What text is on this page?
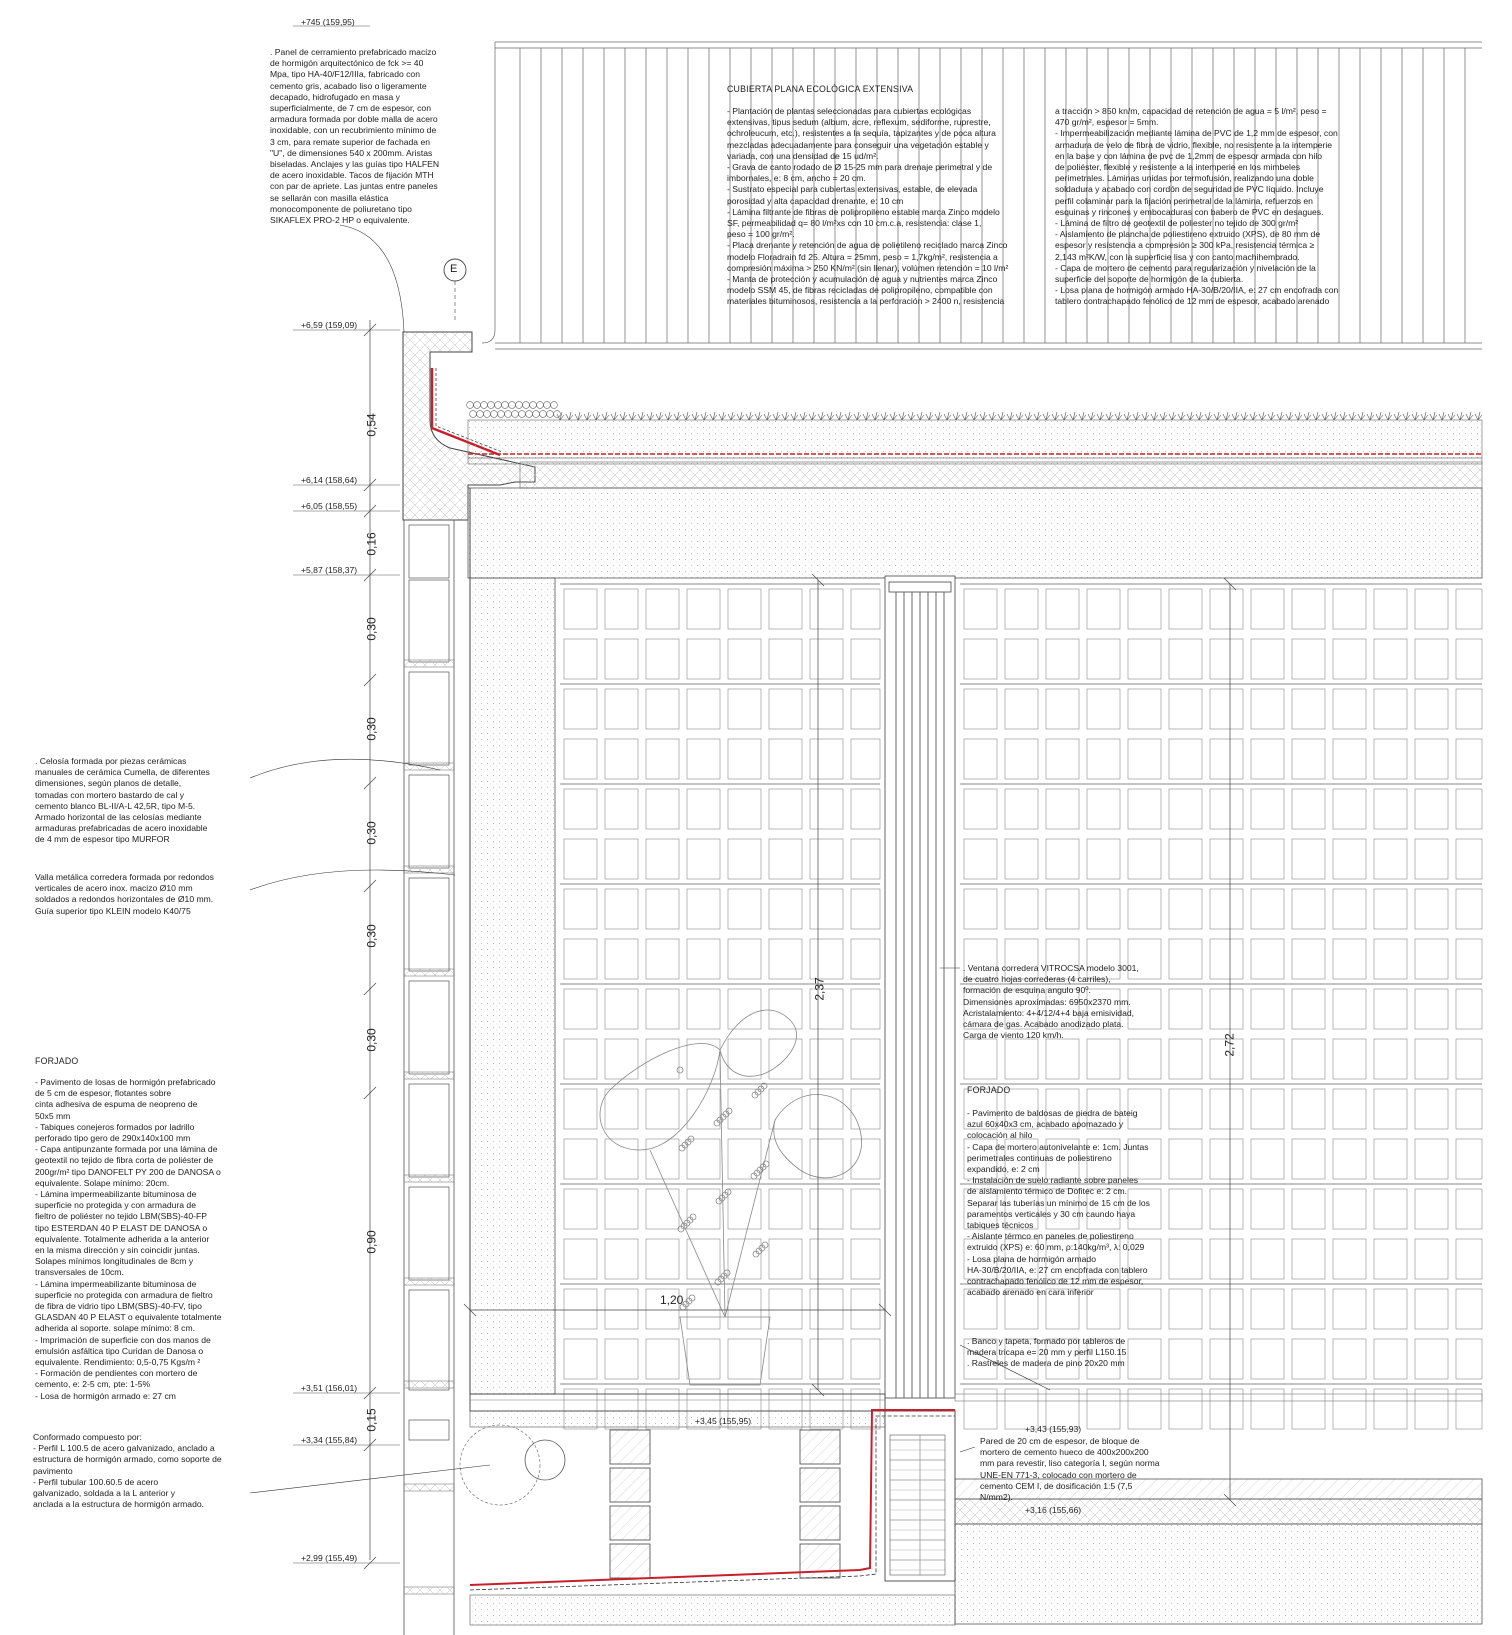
E
+745 (159,95)
+6,59 (159,09)
+6,14 (158,64)
+6,05 (158,55)
+5,87 (158,37)
+3,51 (156,01)
+3,34 (155,84)
+2,99 (155,49)
+3,45 (155,95)
+3,43 (155,93)
+3,16 (155,66)
0,54
0,16
0,30
0,30
0,30
0,30
0,30
0,90
0,15
2,37
2,72
1,20
. Panel de cerramiento prefabricado macizo
de hormigón arquitectónico de fck >= 40
Mpa, tipo HA-40/F12/IIIa, fabricado con
cemento gris, acabado liso o ligeramente
decapado, hidrofugado en masa y
superficialmente, de 7 cm de espesor, con
armadura formada por doble malla de acero
inoxidable, con un recubrimiento mínimo de
3 cm, para remate superior de fachada en
"U", de dimensiones 540 x 200mm. Aristas
biseladas. Anclajes y las guías tipo HALFEN
de acero inoxidable. Tacos de fijación MTH
con par de apriete. Las juntas entre paneles
se sellarán con masilla elástica
monocomponente de poliuretano tipo
SIKAFLEX PRO-2 HP o equivalente.
CUBIERTA PLANA ECOLÓGICA EXTENSIVA
- Plantación de plantas seleccionadas para cubiertas ecológicas
extensivas, tipus sedum (album, acre, reflexum, sediforme, ruprestre,
ochroleucum, etc.), resistentes a la sequía, tapizantes y de poca altura
mezcladas adecuadamente para conseguir una vegetación estable y
variada, con una densidad de 15 ud/m².
- Grava de canto rodado de Ø 15-25 mm para drenaje perimetral y de
imbornales, e: 8 cm, ancho = 20 cm.
- Sustrato especial para cubiertas extensivas, estable, de elevada
porosidad y alta capacidad drenante, e: 10 cm
- Lámina filtrante de fibras de polipropileno estable marca Zinco modelo
SF, permeabilidad q= 80 l/m²xs con 10 cm.c.a, resistencia: clase 1,
peso = 100 gr/m².
- Placa drenante y retención de agua de polietileno reciclado marca Zinco
modelo Floradrain fd 25. Altura = 25mm, peso = 1,7kg/m², resistencia a
compresión máxima > 250 KN/m² (sin llenar), volúmen retención = 10 l/m²
- Manta de protección y acumulación de agua y nutrientes marca Zinco
modelo SSM 45, de fibras recicladas de polipropileno, compatible con
materiales bituminosos, resistencia a la perforación > 2400 n, resistencia
a tracción > 850 kn/m, capacidad de retención de agua = 5 l/m², peso =
470 gr/m², espesor = 5mm.
- Impermeabilización mediante lámina de PVC de 1,2 mm de espesor, con
armadura de velo de fibra de vidrio, flexible, no resistente a la intemperie
en la base y con lámina de pvc de 1,2mm de espesor armada con hilo
de poliéster, flexible y resistente a la intemperie en los mimbeles
perimetrales. Láminas unidas por termofusión, realizando una doble
soldadura y acabado con cordón de seguridad de PVC líquido. Incluye
perfil colaminar para la fijación perimetral de la lámina, refuerzos en
esquinas y rincones y embocaduras con babero de PVC en desagues.
- Lámina de filtro de geotextil de poliester no tejido de 300 gr/m²
- Aislamiento de plancha de poliestireno extruido (XPS), de 80 mm de
espesor y resistencia a compresión ≥ 300 kPa, resistencia térmica ≥
2,143 m²K/W, con la superficie lisa y con canto machihembrado.
- Capa de mortero de cemento para regularización y nivelación de la
superficie del soporte de hormigón de la cubierta.
- Losa plana de hormigón armado HA-30/B/20/IIA, e: 27 cm encofrada con
tablero contrachapado fenólico de 12 mm de espesor, acabado arenado
. Celosía formada por piezas cerámicas
manuales de cerámica Cumella, de diferentes
dimensiones, según planos de detalle,
tomadas con mortero bastardo de cal y
cemento blanco BL-II/A-L 42,5R, tipo M-5.
Armado horizontal de las celosías mediante
armaduras prefabricadas de acero inoxidable
de 4 mm de espesor tipo MURFOR
Valla metálica corredera formada por redondos
verticales de acero inox. macizo Ø10 mm
soldados a redondos horizontales de Ø10 mm.
Guía superior tipo KLEIN modelo K40/75
FORJADO
- Pavimento de losas de hormigón prefabricado
de 5 cm de espesor, flotantes sobre
cinta adhesiva de espuma de neopreno de
50x5 mm
- Tabiques conejeros formados por ladrillo
perforado tipo gero de 290x140x100 mm
- Capa antipunzante formada por una lámina de
geotextil no tejido de fibra corta de poliéster de
200gr/m² tipo DANOFELT PY 200 de DANOSA o
equivalente. Solape mínimo: 20cm.
- Lámina impermeabilizante bituminosa de
superficie no protegida y con armadura de
fieltro de poliéster no tejido LBM(SBS)-40-FP
tipo ESTERDAN 40 P ELAST DE DANOSA o
equivalente. Totalmente adherida a la anterior
en la misma dirección y sin coincidir juntas.
Solapes mínimos longitudinales de 8cm y
transversales de 10cm.
- Lámina impermeabilizante bituminosa de
superficie no protegida con armadura de fieltro
de fibra de vidrio tipo LBM(SBS)-40-FV, tipo
GLASDAN 40 P ELAST o equivalente totalmente
adherida al soporte. solape mínimo: 8 cm.
- Imprimación de superficie con dos manos de
emulsión asfáltica tipo Curidan de Danosa o
equivalente. Rendimiento: 0,5-0,75 Kgs/m ²
- Formación de pendientes con mortero de
cemento, e: 2-5 cm, pte: 1-5%
- Losa de hormigón armado e: 27 cm
Conformado compuesto por:
- Perfil L 100.5 de acero galvanizado, anclado a
estructura de hormigón armado, como soporte de
pavimento
- Perfil tubular 100.60.5 de acero
galvanizado, soldada a la L anterior y
anclada a la estructura de hormigón armado.
. Ventana corredera VITROCSA modelo 3001,
de cuatro hojas correderas (4 carriles),
formación de esquina angulo 90º.
Dimensiones aproximadas: 6950x2370 mm.
Acristalamiento: 4+4/12/4+4 baja emisividad,
cámara de gas. Acabado anodizado plata.
Carga de viento 120 km/h.
FORJADO
- Pavimento de baldosas de piedra de bateig
azul 60x40x3 cm, acabado apomazado y
colocación al hilo
- Capa de mortero autonivelante e: 1cm. Juntas
perimetrales continuas de poliestireno
expandido, e: 2 cm
- Instalación de suelo radiante sobre paneles
de aislamiento térmico de Dofitec e: 2 cm.
Separar las tuberías un mínimo de 15 cm de los
paramentos verticales y 30 cm caundo haya
tabiques técnicos
- Aislante térmco en paneles de poliestireno
extruido (XPS) e: 60 mm, ρ:140kg/m³, λ: 0,029
- Losa plana de hormigón armado
HA-30/B/20/IIA, e: 27 cm encofrada con tablero
contrachapado fenólico de 12 mm de espesor,
acabado arenado en cara inferior
. Banco y tapeta, formado por tableros de
madera tricapa e= 20 mm y perfil L150.15
. Rastreles de madera de pino 20x20 mm
Pared de 20 cm de espesor, de bloque de
mortero de cemento hueco de 400x200x200
mm para revestir, liso categoría I, según norma
UNE-EN 771-3, colocado con mortero de
cemento CEM I, de dosificación 1:5 (7,5
N/mm2).
